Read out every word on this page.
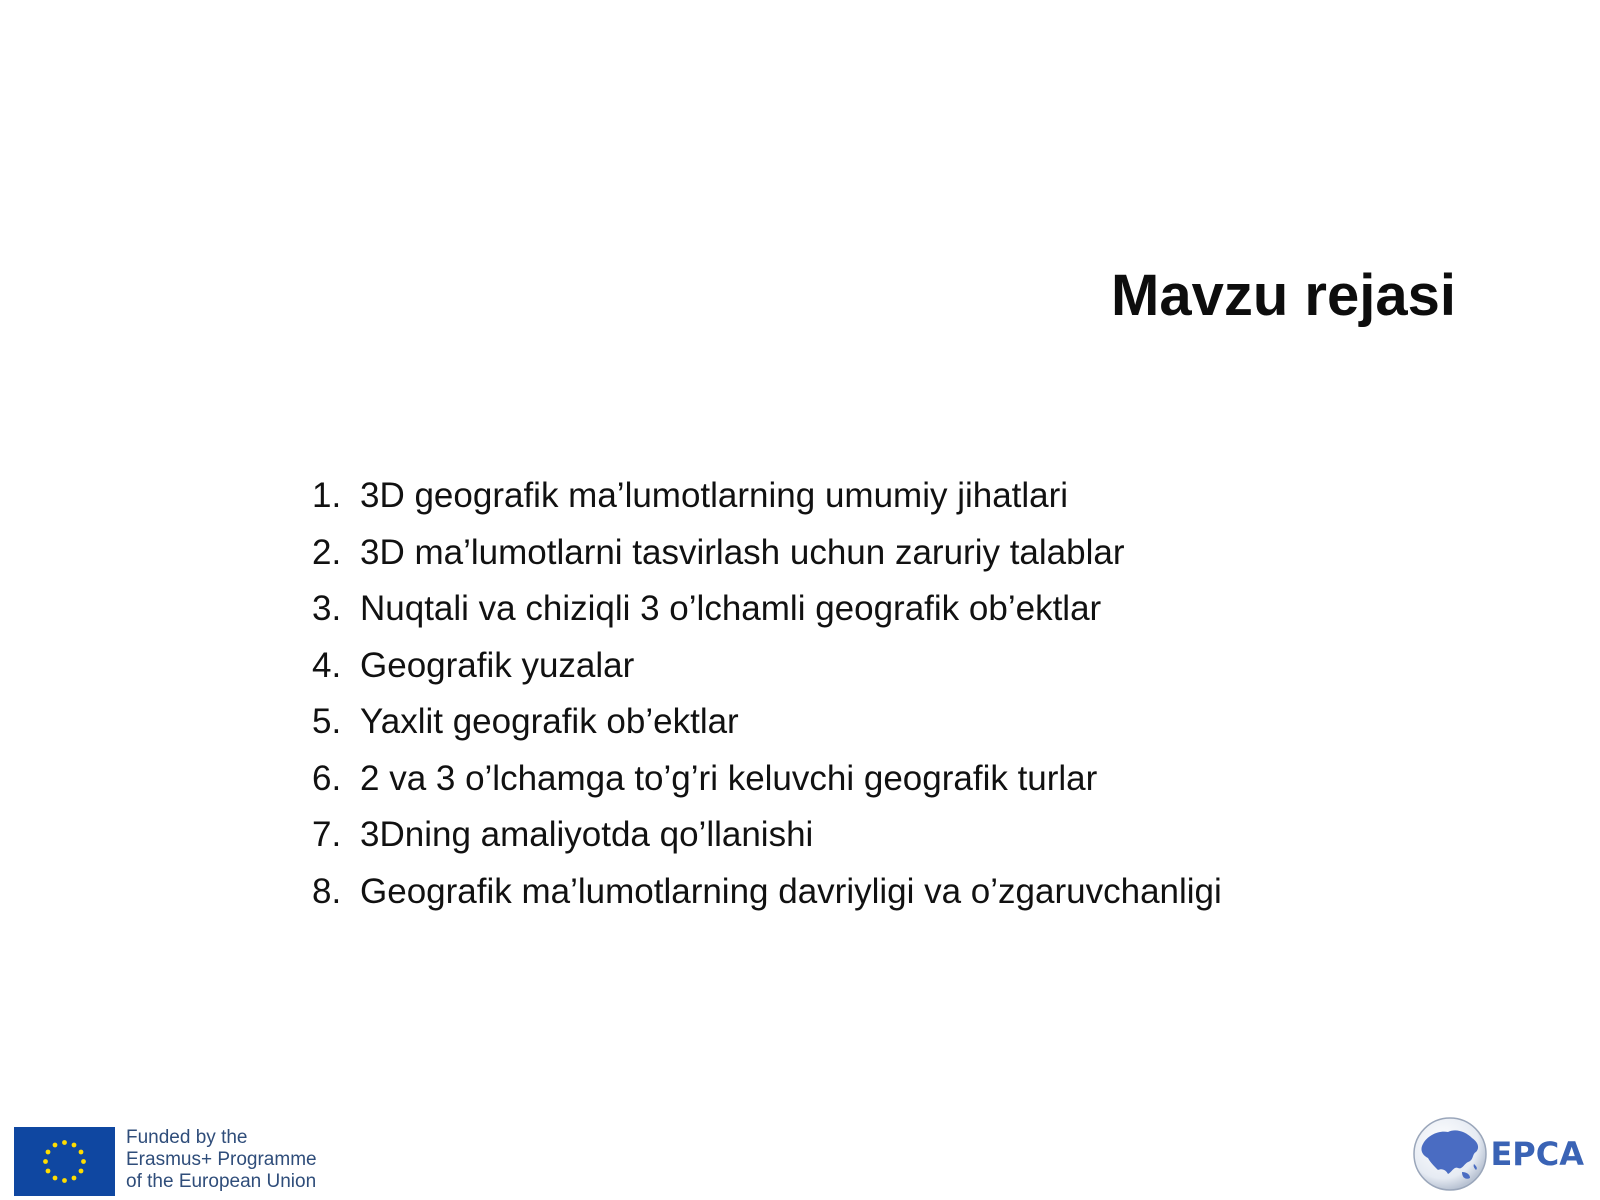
Mavzu rejasi
1. 3D geografik ma’lumotlarning umumiy jihatlari
2. 3D ma’lumotlarni tasvirlash uchun zaruriy talablar
3. Nuqtali va chiziqli 3 o’lchamli geografik ob’ektlar
4. Geografik yuzalar
5. Yaxlit geografik ob’ektlar
6. 2 va 3 o’lchamga to’g’ri keluvchi geografik turlar
7. 3Dning amaliyotda qo’llanishi
8. Geografik ma’lumotlarning davriyligi va o’zgaruvchanligi
Funded by the
Erasmus+ Programme
of the European Union
EPCA
